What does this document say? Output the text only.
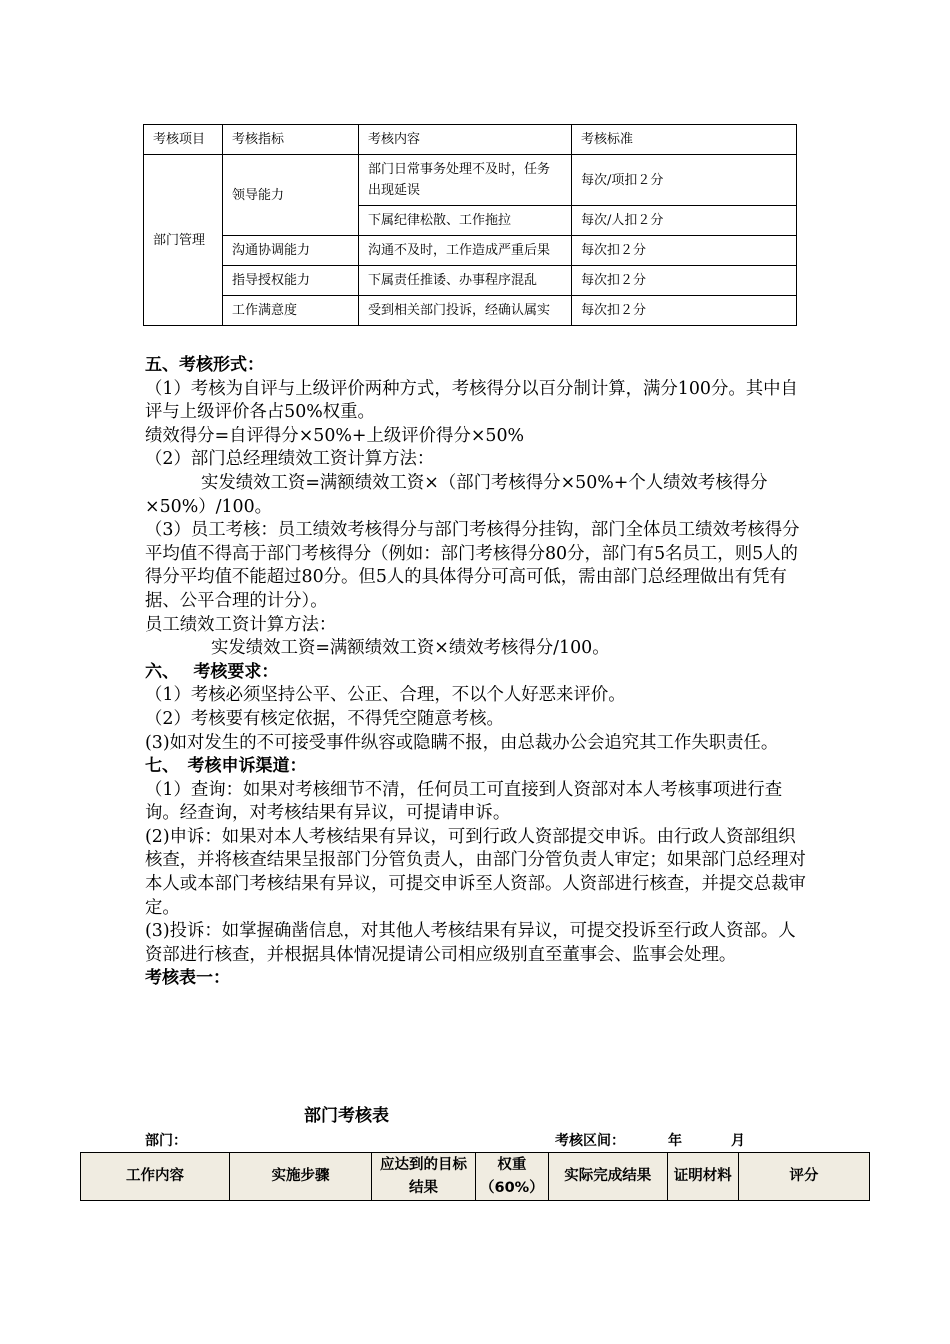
考核项目	考核指标	考核内容	考核标准
部门管理	领导能力	部门日常事务处理不及时，任务出现延误	每次/项扣２分
		下属纪律松散、工作拖拉	每次/人扣２分
	沟通协调能力	沟通不及时，工作造成严重后果	每次扣２分
	指导授权能力	下属责任推诿、办事程序混乱	每次扣２分
	工作满意度	受到相关部门投诉，经确认属实	每次扣２分

五、考核形式：

（1）考核为自评与上级评价两种方式，考核得分以百分制计算，满分100分。其中自评与上级评价各占50%权重。

绩效得分=自评得分×50%+上级评价得分×50%

（2）部门总经理绩效工资计算方法：

实发绩效工资=满额绩效工资×（部门考核得分×50%+个人绩效考核得分×50%）/100。

（3）员工考核：员工绩效考核得分与部门考核得分挂钩，部门全体员工绩效考核得分平均值不得高于部门考核得分（例如：部门考核得分80分，部门有5名员工，则5人的得分平均值不能超过80分。但5人的具体得分可高可低，需由部门总经理做出有凭有据、公平合理的计分）。

员工绩效工资计算方法：

实发绩效工资=满额绩效工资×绩效考核得分/100。

六、　 考核要求：

（1）考核必须坚持公平、公正、合理，不以个人好恶来评价。

（2）考核要有核定依据，不得凭空随意考核。

(3)如对发生的不可接受事件纵容或隐瞒不报，由总裁办公会追究其工作失职责任。

七、　考核申诉渠道：

（1）查询：如果对考核细节不清，任何员工可直接到人资部对本人考核事项进行查询。经查询，对考核结果有异议，可提请申诉。

(2)申诉：如果对本人考核结果有异议，可到行政人资部提交申诉。由行政人资部组织核查，并将核查结果呈报部门分管负责人，由部门分管负责人审定；如果部门总经理对本人或本部门考核结果有异议，可提交申诉至人资部。人资部进行核查，并提交总裁审定。

(3)投诉：如掌握确凿信息，对其他人考核结果有异议，可提交投诉至行政人资部。人资部进行核查，并根据具体情况提请公司相应级别直至董事会、监事会处理。

考核表一：

部门考核表
部门：	考核区间：	年	月
工作内容	实施步骤	应达到的目标结果	权重（60%）	实际完成结果	证明材料	评分
